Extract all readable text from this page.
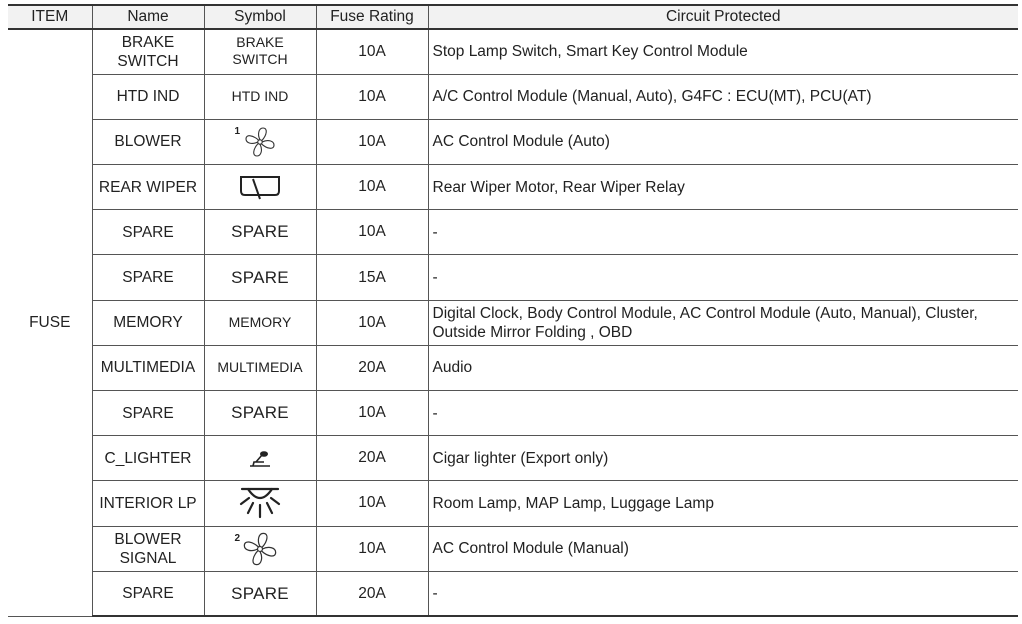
ITEM	Name	Symbol	Fuse Rating	Circuit Protected
FUSE	BRAKE SWITCH	BRAKE SWITCH	10A	Stop Lamp Switch, Smart Key Control Module
	HTD IND	HTD IND	10A	A/C Control Module (Manual, Auto), G4FC : ECU(MT), PCU(AT)
	BLOWER	1	10A	AC Control Module (Auto)
	REAR WIPER		10A	Rear Wiper Motor, Rear Wiper Relay
	SPARE	SPARE	10A	-
	SPARE	SPARE	15A	-
	MEMORY	MEMORY	10A	Digital Clock, Body Control Module, AC Control Module (Auto, Manual), Cluster, Outside Mirror Folding , OBD
	MULTIMEDIA	MULTIMEDIA	20A	Audio
	SPARE	SPARE	10A	-
	C_LIGHTER		20A	Cigar lighter (Export only)
	INTERIOR LP		10A	Room Lamp, MAP Lamp, Luggage Lamp
	BLOWER SIGNAL	2	10A	AC Control Module (Manual)
	SPARE	SPARE	20A	-
